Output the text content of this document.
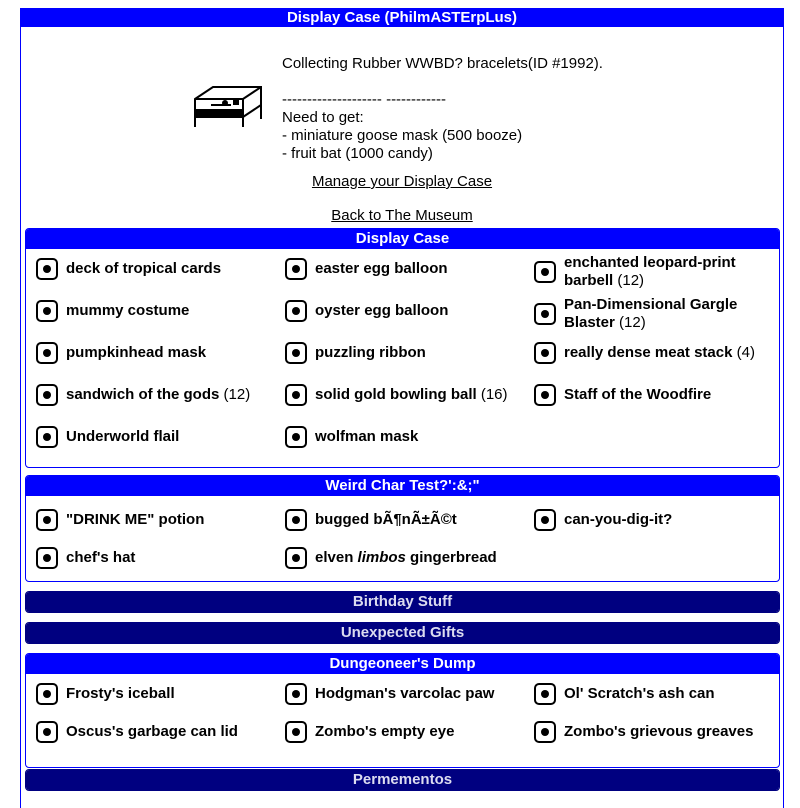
Display Case (PhilmASTErpLus)
Collecting Rubber WWBD? bracelets(ID #1992).
-------------------- ------------
Need to get:
- miniature goose mask (500 booze)
- fruit bat (1000 candy)
Manage your Display Case
Back to The Museum
Display Case
deck of tropical cards	easter egg balloon	enchanted leopard-print barbell (12)
mummy costume	oyster egg balloon	Pan-Dimensional Gargle Blaster (12)
pumpkinhead mask	puzzling ribbon	really dense meat stack (4)
sandwich of the gods (12)	solid gold bowling ball (16)	Staff of the Woodfire
Underworld flail	wolfman mask
Weird Char Test?':&;"
"DRINK ME" potion	bugged bÃ¶nÃ±Ã©t	can-you-dig-it?
chef's hat	elven limbos gingerbread
Birthday Stuff
Unexpected Gifts
Dungeoneer's Dump
Frosty's iceball	Hodgman's varcolac paw	Ol' Scratch's ash can
Oscus's garbage can lid	Zombo's empty eye	Zombo's grievous greaves
Permementos
